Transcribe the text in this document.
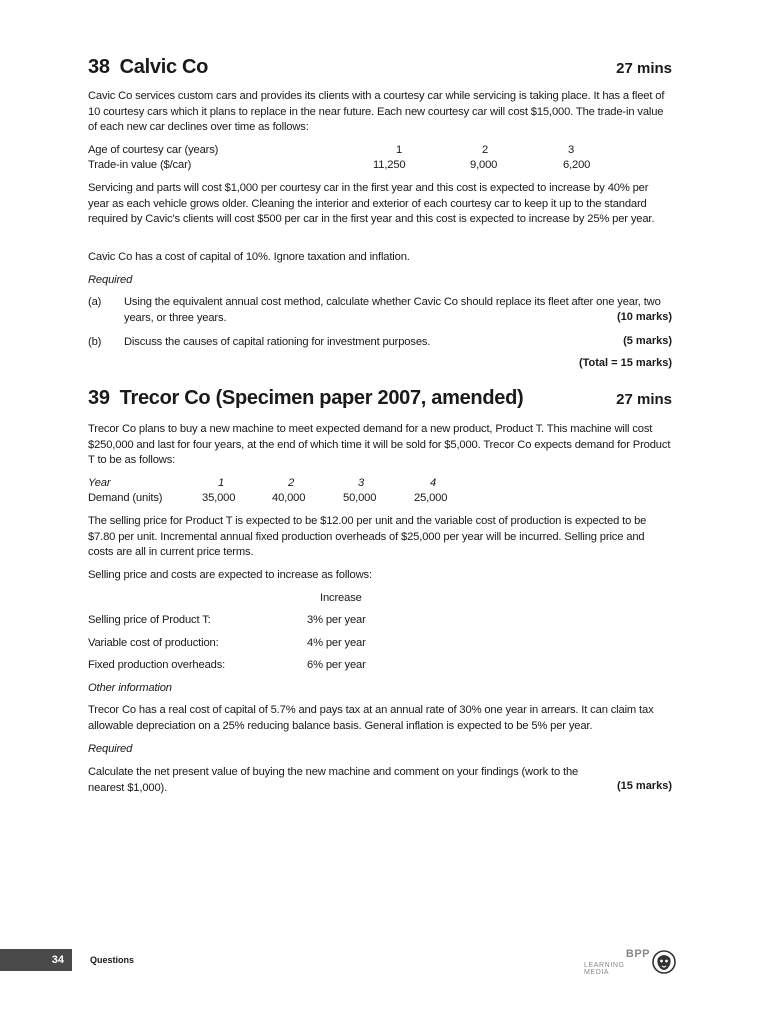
38 Calvic Co	27 mins
Cavic Co services custom cars and provides its clients with a courtesy car while servicing is taking place. It has a fleet of 10 courtesy cars which it plans to replace in the near future. Each new courtesy car will cost $15,000. The trade-in value of each new car declines over time as follows:
Age of courtesy car (years)	1	2	3
Trade-in value ($/car)	11,250	9,000	6,200
Servicing and parts will cost $1,000 per courtesy car in the first year and this cost is expected to increase by 40% per year as each vehicle grows older. Cleaning the interior and exterior of each courtesy car to keep it up to the standard required by Cavic's clients will cost $500 per car in the first year and this cost is expected to increase by 25% per year.
Cavic Co has a cost of capital of 10%. Ignore taxation and inflation.
Required
(a) Using the equivalent annual cost method, calculate whether Cavic Co should replace its fleet after one year, two years, or three years.	(10 marks)
(b) Discuss the causes of capital rationing for investment purposes.	(5 marks)
(Total = 15 marks)
39 Trecor Co (Specimen paper 2007, amended)	27 mins
Trecor Co plans to buy a new machine to meet expected demand for a new product, Product T. This machine will cost $250,000 and last for four years, at the end of which time it will be sold for $5,000. Trecor Co expects demand for Product T to be as follows:
Year	1	2	3	4
Demand (units)	35,000	40,000	50,000	25,000
The selling price for Product T is expected to be $12.00 per unit and the variable cost of production is expected to be $7.80 per unit. Incremental annual fixed production overheads of $25,000 per year will be incurred. Selling price and costs are all in current price terms.
Selling price and costs are expected to increase as follows:
Increase
Selling price of Product T:	3% per year
Variable cost of production:	4% per year
Fixed production overheads:	6% per year
Other information
Trecor Co has a real cost of capital of 5.7% and pays tax at an annual rate of 30% one year in arrears. It can claim tax allowable depreciation on a 25% reducing balance basis. General inflation is expected to be 5% per year.
Required
Calculate the net present value of buying the new machine and comment on your findings (work to the nearest $1,000).	(15 marks)
34	Questions	BPP
LEARNING MEDIA
